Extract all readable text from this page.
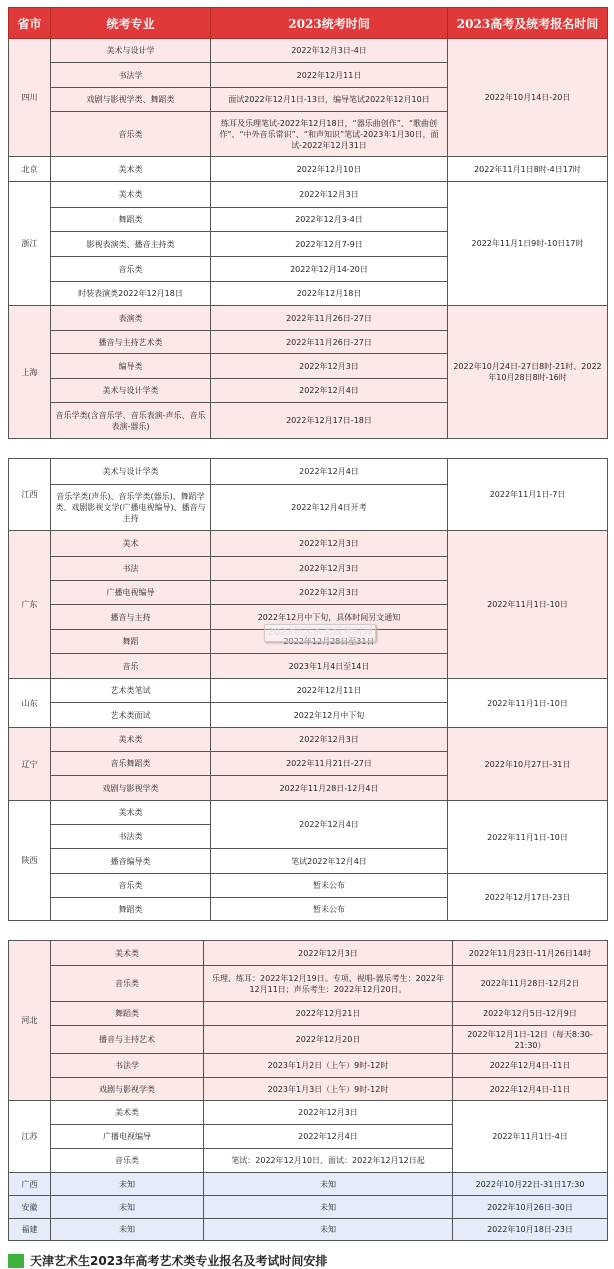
省市	统考专业	2023统考时间	2023高考及统考报名时间
四川	美术与设计学	2022年12月3日-4日	2022年10月14日-20日
	书法学	2022年12月11日	
	戏剧与影视学类、舞蹈类	面试2022年12月1日-13日，编导笔试2022年12月10日	
	音乐类	练耳及乐理笔试-2022年12月18日，“器乐曲创作”、“歌曲创作”、“中外音乐常识”、“和声知识”笔试-2023年1月30日，面试-2022年12月31日	
北京	美术类	2022年12月10日	2022年11月1日8时-4日17时
浙江	美术类	2022年12月3日	2022年11月1日9时-10日17时
	舞蹈类	2022年12月3-4日	
	影视表演类、播音主持类	2022年12月7-9日	
	音乐类	2022年12月14-20日	
	时装表演类2022年12月18日	2022年12月18日	
上海	表演类	2022年11月26日-27日	2022年10月24日-27日8时-21时、2022年10月28日8时-16时
	播音与主持艺术类	2022年11月26日-27日	
	编导类	2022年12月3日	
	美术与设计学类	2022年12月4日	
	音乐学类(含音乐学、音乐表演-声乐、音乐表演-器乐)	2022年12月17日-18日	
江西	美术与设计学类	2022年12月4日	2022年11月1日-7日
	音乐学类(声乐)、音乐学类(器乐)、舞蹈学类、戏剧影视文学(广播电视编导)、播音与主持	2022年12月4日开考	
广东	美术	2022年12月3日	2022年11月1日-10日
	书法	2022年12月3日	
	广播电视编导	2022年12月3日	
	播音与主持	2022年12月中下旬，具体时间另文通知	
	舞蹈	2022年12月28日至31日	
	音乐	2023年1月4日至14日	
山东	艺术类笔试	2022年12月11日	2022年11月1日-10日
	艺术类面试	2022年12月中下旬	
辽宁	美术类	2022年12月3日	2022年10月27日-31日
	音乐舞蹈类	2022年11月21日-27日	
	戏剧与影视学类	2022年11月28日-12月4日	
陕西	美术类	2022年12月4日	2022年11月1日-10日
	书法类		
	播音编导类	笔试2022年12月4日	
	音乐类	暂未公布	2022年12月17日-23日
	舞蹈类	暂未公布	
河北	美术类	2022年12月3日	2022年11月23日-11月26日14时
	音乐类	乐理、练耳：2022年12月19日。专项、视唱-器乐考生：2022年12月11日；声乐考生：2022年12月20日。	2022年11月28日-12月2日
	舞蹈类	2022年12月21日	2022年12月5日-12月9日
	播音与主持艺术	2022年12月20日	2022年12月1日-12日（每天8:30-21:30）
	书法学	2023年1月2日（上午）9时-12时	2022年12月4日-11日
	戏剧与影视学类	2023年1月3日（上午）9时-12时	2022年12月4日-11日
江苏	美术类	2022年12月3日	2022年11月1日-4日
	广播电视编导	2022年12月4日	
	音乐类	笔试：2022年12月10日、面试：2022年12月12日起	
广西	未知	未知	2022年10月22日-31日17:30
安徽	未知	未知	2022年10月26日-30日
福建	未知	未知	2022年10月18日-23日
2023年艺术类统考时间
天津艺术生2023年高考艺术类专业报名及考试时间安排
